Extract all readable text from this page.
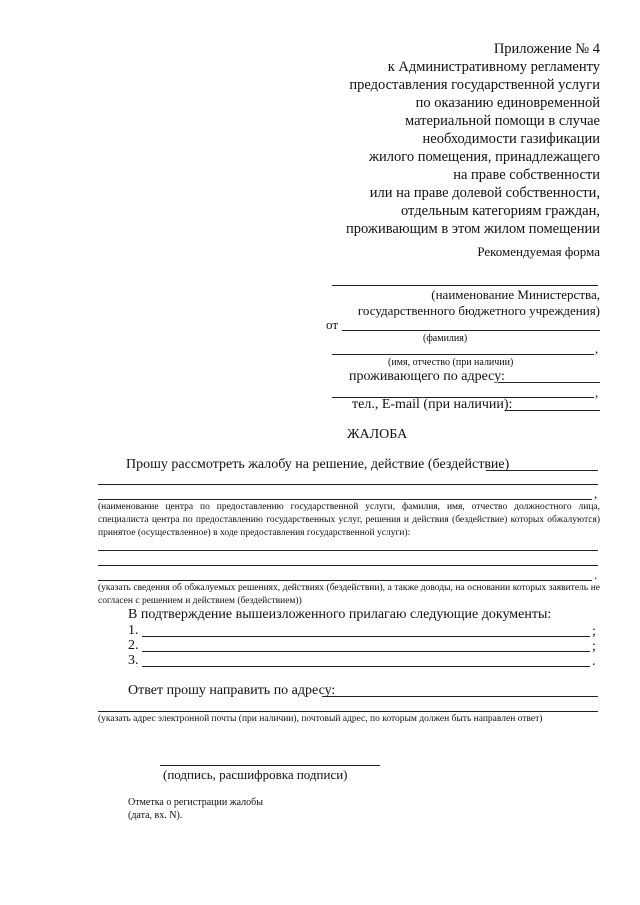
Приложение № 4
к Административному регламенту
предоставления государственной услуги
по оказанию единовременной
материальной помощи в случае
необходимости газификации
жилого помещения, принадлежащего
на праве собственности
или на праве долевой собственности,
отдельным категориям граждан,
проживающим в этом жилом помещении
Рекомендуемая форма
(наименование Министерства,
государственного бюджетного учреждения)
от
(фамилия)
,
(имя, отчество (при наличии)
проживающего по адресу:
,
тел., E-mail (при наличии):
ЖАЛОБА
Прошу рассмотреть жалобу на решение, действие (бездействие)
,
(наименование центра по предоставлению государственной услуги, фамилия, имя, отчество должностного лица, специалиста центра по предоставлению государственных услуг, решения и действия (бездействие) которых обжалуются) принятое (осуществленное) в ходе предоставления государственной услуги):
.
(указать сведения об обжалуемых решениях, действиях (бездействии), а также доводы, на основании которых заявитель не согласен с решением и действием (бездействием))
В подтверждение вышеизложенного прилагаю следующие документы:
1.	;
2.	;
3.	.
Ответ прошу направить по адресу:
(указать адрес электронной почты (при наличии), почтовый адрес, по которым должен быть направлен ответ)
(подпись, расшифровка подписи)
Отметка о регистрации жалобы
(дата, вх. N).
